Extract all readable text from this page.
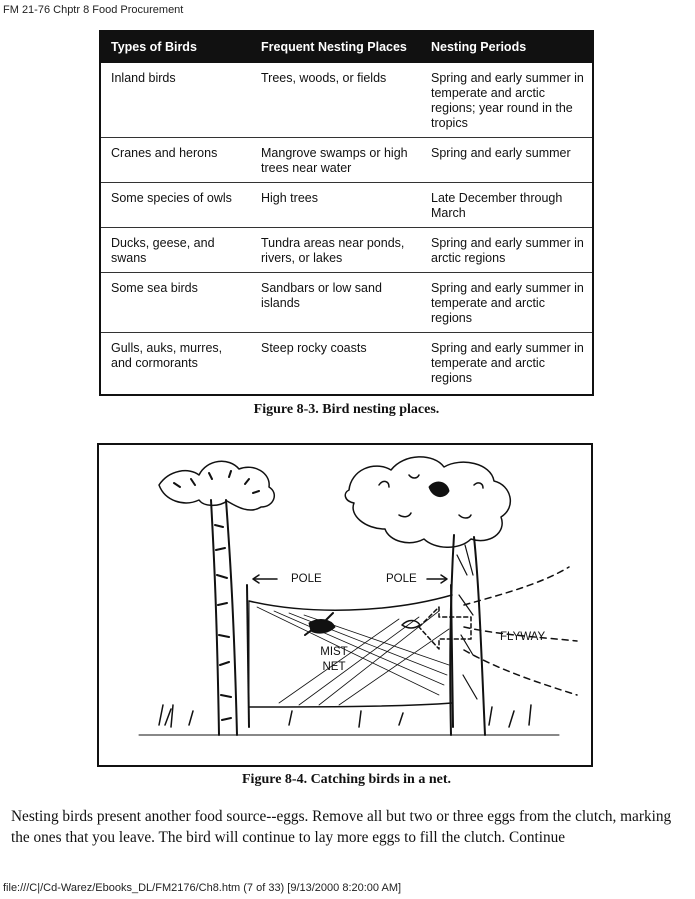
FM 21-76 Chptr 8 Food Procurement
Types of Birds	Frequent Nesting Places	Nesting Periods
Inland birds	Trees, woods, or fields	Spring and early summer in temperate and arctic regions; year round in the tropics
Cranes and herons	Mangrove swamps or high trees near water	Spring and early summer
Some species of owls	High trees	Late December through March
Ducks, geese, and swans	Tundra areas near ponds, rivers, or lakes	Spring and early summer in arctic regions
Some sea birds	Sandbars or low sand islands	Spring and early summer in temperate and arctic regions
Gulls, auks, murres, and cormorants	Steep rocky coasts	Spring and early summer in temperate and arctic regions
Figure 8-3. Bird nesting places.
POLE	POLE
MIST
NET
FLYWAY
Figure 8-4. Catching birds in a net.
Nesting birds present another food source--eggs. Remove all but two or three eggs from the clutch, marking the ones that you leave. The bird will continue to lay more eggs to fill the clutch. Continue
file:///C|/Cd-Warez/Ebooks_DL/FM2176/Ch8.htm (7 of 33) [9/13/2000 8:20:00 AM]
